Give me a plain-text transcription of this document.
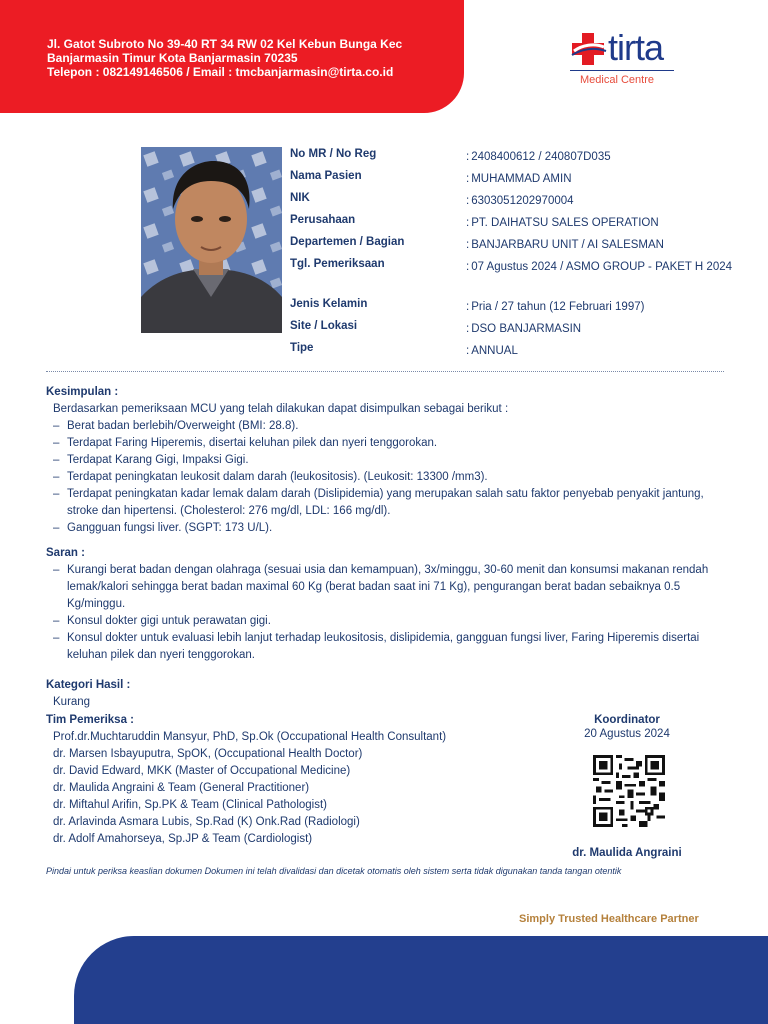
Jl. Gatot Subroto No 39-40 RT 34 RW 02 Kel Kebun Bunga Kec
Banjarmasin Timur Kota Banjarmasin 70235
Telepon : 082149146506 / Email : tmcbanjarmasin@tirta.co.id
tirta
Medical Centre
No MR / No Reg	: 2408400612 / 240807D035
Nama Pasien	: MUHAMMAD AMIN
NIK	: 6303051202970004
Perusahaan	: PT. DAIHATSU SALES OPERATION
Departemen / Bagian	: BANJARBARU UNIT / AI SALESMAN
Tgl. Pemeriksaan	: 07 Agustus 2024 / ASMO GROUP - PAKET H 2024
Jenis Kelamin	: Pria / 27 tahun (12 Februari 1997)
Site / Lokasi	: DSO BANJARMASIN
Tipe	: ANNUAL
Kesimpulan :
Berdasarkan pemeriksaan MCU yang telah dilakukan dapat disimpulkan sebagai berikut :
– Berat badan berlebih/Overweight (BMI: 28.8).
– Terdapat Faring Hiperemis, disertai keluhan pilek dan nyeri tenggorokan.
– Terdapat Karang Gigi, Impaksi Gigi.
– Terdapat peningkatan leukosit dalam darah (leukositosis). (Leukosit: 13300 /mm3).
– Terdapat peningkatan kadar lemak dalam darah (Dislipidemia) yang merupakan salah satu faktor penyebab penyakit jantung, stroke dan hipertensi. (Cholesterol: 276 mg/dl, LDL: 166 mg/dl).
– Gangguan fungsi liver. (SGPT: 173 U/L).
Saran :
– Kurangi berat badan dengan olahraga (sesuai usia dan kemampuan), 3x/minggu, 30-60 menit dan konsumsi makanan rendah lemak/kalori sehingga berat badan maximal 60 Kg (berat badan saat ini 71 Kg), pengurangan berat badan sebaiknya 0.5 Kg/minggu.
– Konsul dokter gigi untuk perawatan gigi.
– Konsul dokter untuk evaluasi lebih lanjut terhadap leukositosis, dislipidemia, gangguan fungsi liver, Faring Hiperemis disertai keluhan pilek dan nyeri tenggorokan.
Kategori Hasil :
Kurang
Tim Pemeriksa :
Prof.dr.Muchtaruddin Mansyur, PhD, Sp.Ok (Occupational Health Consultant)
dr. Marsen Isbayuputra, SpOK, (Occupational Health Doctor)
dr. David Edward, MKK (Master of Occupational Medicine)
dr. Maulida Angraini & Team (General Practitioner)
dr. Miftahul Arifin, Sp.PK & Team (Clinical Pathologist)
dr. Arlavinda Asmara Lubis, Sp.Rad (K) Onk.Rad (Radiologi)
dr. Adolf Amahorseya, Sp.JP & Team (Cardiologist)
Koordinator
20 Agustus 2024
dr. Maulida Angraini
Pindai untuk periksa keaslian dokumen Dokumen ini telah divalidasi dan dicetak otomatis oleh sistem serta tidak digunakan tanda tangan otentik
Simply Trusted Healthcare Partner
